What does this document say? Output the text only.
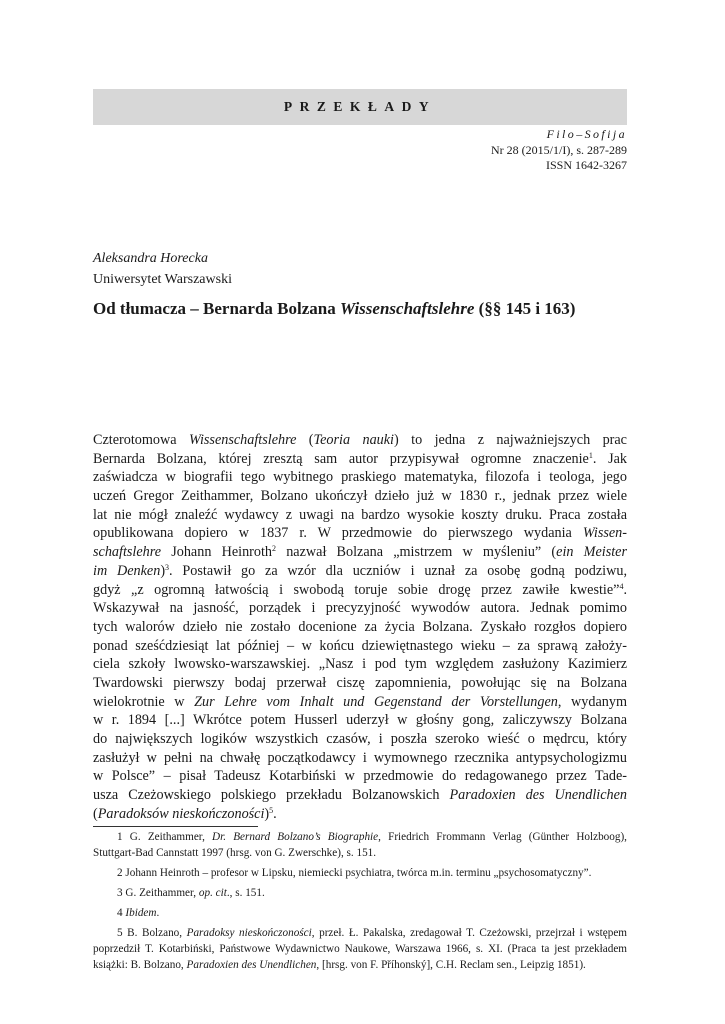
PRZEKŁADY
Filo–Sofija
Nr 28 (2015/1/I), s. 287-289
ISSN 1642-3267
Aleksandra Horecka
Uniwersytet Warszawski
Od tłumacza – Bernarda Bolzana Wissenschaftslehre (§§ 145 i 163)
Czterotomowa Wissenschaftslehre (Teoria nauki) to jedna z najważniejszych prac
Bernarda Bolzana, której zresztą sam autor przypisywał ogromne znaczenie$^1$. Jak
zaświadcza w biografii tego wybitnego praskiego matematyka, filozofa i teologa, jego
uczeń Gregor Zeithammer, Bolzano ukończył dzieło już w 1830 r., jednak przez wiele
lat nie mógł znaleźć wydawcy z uwagi na bardzo wysokie koszty druku. Praca została
opublikowana dopiero w 1837 r. W przedmowie do pierwszego wydania Wissen-
schaftslehre Johann Heinroth$^2$ nazwał Bolzana „mistrzem w myśleniu” (ein Meister
im Denken)$^3$. Postawił go za wzór dla uczniów i uznał za osobę godną podziwu,
gdyż „z ogromną łatwością i swobodą toruje sobie drogę przez zawiłe kwestie”$^4$.
Wskazywał na jasność, porządek i precyzyjność wywodów autora. Jednak pomimo
tych walorów dzieło nie zostało docenione za życia Bolzana. Zyskało rozgłos dopiero
ponad sześćdziesiąt lat później – w końcu dziewiętnastego wieku – za sprawą założy-
ciela szkoły lwowsko-warszawskiej. „Nasz i pod tym względem zasłużony Kazimierz
Twardowski pierwszy bodaj przerwał ciszę zapomnienia, powołując się na Bolzana
wielokrotnie w Zur Lehre vom Inhalt und Gegenstand der Vorstellungen, wydanym
w r. 1894 [...] Wkrótce potem Husserl uderzył w głośny gong, zaliczywszy Bolzana
do największych logików wszystkich czasów, i poszła szeroko wieść o mędrcu, który
zasłużył w pełni na chwałę początkodawcy i wymownego rzecznika antypsychologizmu
w Polsce” – pisał Tadeusz Kotarbiński w przedmowie do redagowanego przez Tade-
usza Czeżowskiego polskiego przekładu Bolzanowskich Paradoxien des Unendlichen
(Paradoksów nieskończoności)$^5$.
1 G. Zeithammer, Dr. Bernard Bolzano’s Biographie, Friedrich Frommann Verlag (Günther Holzboog),
Stuttgart-Bad Cannstatt 1997 (hrsg. von G. Zwerschke), s. 151.
2 Johann Heinroth – profesor w Lipsku, niemiecki psychiatra, twórca m.in. terminu „psychosomatyczny”.
3 G. Zeithammer, op. cit., s. 151.
4 Ibidem.
5 B. Bolzano, Paradoksy nieskończoności, przeł. Ł. Pakalska, zredagował T. Czeżowski, przejrzał i wstępem
poprzedził T. Kotarbiński, Państwowe Wydawnictwo Naukowe, Warszawa 1966, s. XI. (Praca ta jest przekładem
książki: B. Bolzano, Paradoxien des Unendlichen, [hrsg. von F. Příhonský], C.H. Reclam sen., Leipzig 1851).
